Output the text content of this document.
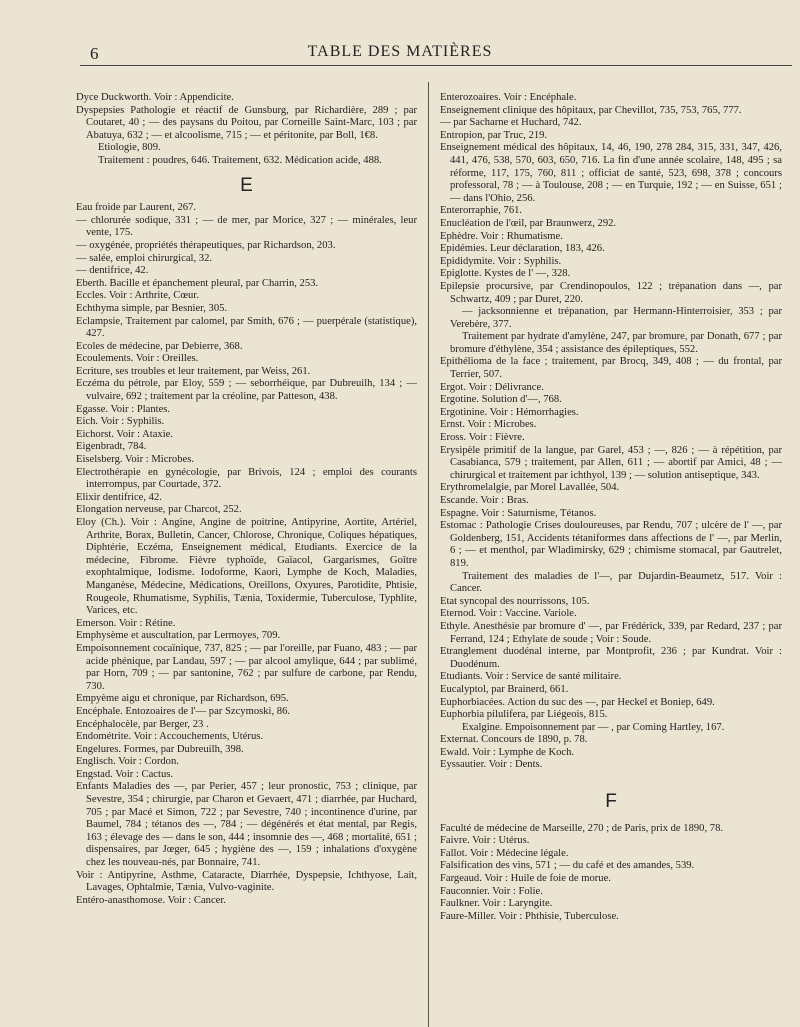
6	TABLE DES MATIÈRES

Dyce Duckworth. Voir : Appendicite.

Dyspepsies Pathologie et réactif de Gunsburg, par Richardière, 289 ; par Coutaret, 40 ; — des paysans du Poitou, par Corneille Saint-Marc, 103 ; par Abatuya, 632 ; — et alcoolisme, 715 ; — et péritonite, par Boll, 1€8.

Etiologie, 809.

Traitement : poudres, 646. Traitement, 632. Médication acide, 488.

E

Eau froide par Laurent, 267.

— chlorurée sodique, 331 ; — de mer, par Morice, 327 ; — minérales, leur vente, 175.

— oxygénée, propriétés thérapeutiques, par Richardson, 203.

— salée, emploi chirurgical, 32.

— dentifrice, 42.

Eberth. Bacille et épanchement pleural, par Charrin, 253.

Eccles. Voir : Arthrite, Cœur.

Echthyma simple, par Besnier, 305.

Eclampsie, Traitement par calomel, par Smith, 676 ; — puerpérale (statistique), 427.

Ecoles de médecine, par Debierre, 368.

Ecoulements. Voir : Oreilles.

Ecriture, ses troubles et leur traitement, par Weiss, 261.

Eczéma du pétrole, par Eloy, 559 ; — seborrhéique, par Dubreuilh, 134 ; — vulvaire, 692 ; traitement par la créoline, par Patteson, 438.

Egasse. Voir : Plantes.

Eich. Voir : Syphilis.

Eichorst. Voir : Ataxie.

Eigenbradt, 784.

Eiselsberg. Voir : Microbes.

Electrothérapie en gynécologie, par Brivois, 124 ; emploi des courants interrompus, par Courtade, 372.

Elixir dentifrice, 42.

Elongation nerveuse, par Charcot, 252.

Eloy (Ch.). Voir : Angine, Angine de poitrine, Antipyrine, Aortite, Artériel, Arthrite, Borax, Bulletin, Cancer, Chlorose, Chronique, Coliques hépatiques, Diphtérie, Eczéma, Enseignement médical, Etudiants. Exercice de la médecine, Fibrome. Fièvre typhoïde, Gaïacol, Gargarismes, Goître exophtalmique, Iodisme. Iodoforme, Kaori, Lymphe de Koch, Maladies, Manganèse, Médecine, Médications, Oreillons, Oxyures, Parotidite, Phtisie, Rougeole, Rhumatisme, Syphilis, Tænia, Toxidermie, Tuberculose, Typhlite, Varices, etc.

Emerson. Voir : Rétine.

Emphysème et auscultation, par Lermoyes, 709.

Empoisonnement cocaïnique, 737, 825 ; — par l'oreille, par Fuano, 483 ; — par acide phénique, par Landau, 597 ; — par alcool amylique, 644 ; par sublimé, par Horn, 709 ; — par santonine, 762 ; par sulfure de carbone, par Rendu, 730.

Empyème aigu et chronique, par Richardson, 695.

Encéphale. Entozoaires de l'— par Szcymoski, 86.

Encéphalocèle, par Berger, 23 .

Endométrite. Voir : Accouchements, Utérus.

Engelures. Formes, par Dubreuilh, 398.

Englisch. Voir : Cordon.

Engstad. Voir : Cactus.

Enfants Maladies des —, par Perier, 457 ; leur pronostic, 753 ; clinique, par Sevestre, 354 ; chirurgie, par Charon et Gevaert, 471 ; diarrhée, par Huchard, 705 ; par Macé et Simon, 722 ; par Sevestre, 740 ; incontinence d'urine, par Baumel, 784 ; tétanos des —, 784 ; — dégénérés et état mental, par Regis, 163 ; élevage des — dans le son, 444 ; insomnie des —, 468 ; mortalité, 651 ; dispensaires, par Jœger, 645 ; hygiène des —, 159 ; inhalations d'oxygène chez les nouveau-nés, par Bonnaire, 741.

Voir : Antipyrine, Asthme, Cataracte, Diarrhée, Dyspepsie, Ichthyose, Lait, Lavages, Ophtalmie, Tænia, Vulvo-vaginite.

Entéro-anasthomose. Voir : Cancer.

Enterozoaires. Voir : Encéphale.

Enseignement clinique des hôpitaux, par Chevillot, 735, 753, 765, 777.

— par Sacharne et Huchard, 742.

Entropion, par Truc, 219.

Enseignement médical des hôpitaux, 14, 46, 190, 278 284, 315, 331, 347, 426, 441, 476, 538, 570, 603, 650, 716. La fin d'une année scolaire, 148, 495 ; sa réforme, 117, 175, 760, 811 ; officiat de santé, 523, 698, 378 ; concours professoral, 78 ; — à Toulouse, 208 ; — en Turquie, 192 ; — en Suisse, 651 ; — dans l'Ohio, 256.

Enterorraphie, 761.

Enucléation de l'œil, par Braunwerz, 292.

Ephèdre. Voir : Rhumatisme.

Epidémies. Leur déclaration, 183, 426.

Epididymite. Voir : Syphilis.

Epiglotte. Kystes de l' —, 328.

Epilepsie procursive, par Crendinopoulos, 122 ; trépanation dans —, par Schwartz, 409 ; par Duret, 220.

— jacksonnienne et trépanation, par Hermann-Hinterroisier, 353 ; par Verebère, 377.

Traitement par hydrate d'amylène, 247, par bromure, par Donath, 677 ; par bromure d'éthylène, 354 ; assistance des épileptiques, 552.

Epithélioma de la face ; traitement, par Brocq, 349, 408 ; — du frontal, par Terrier, 507.

Ergot. Voir : Délivrance.

Ergotine. Solution d'—, 768.

Ergotinine. Voir : Hémorrhagies.

Ernst. Voir : Microbes.

Eross. Voir : Fièvre.

Erysipèle primitif de la langue, par Garel, 453 ; —, 826 ; — à répétition, par Casabianca, 579 ; traitement, par Allen, 611 ; — abortif par Amici, 48 ; — chirurgical et traitement par ichthyol, 139 ; — solution antiseptique, 343.

Erythromelalgie, par Morel Lavallée, 504.

Escande. Voir : Bras.

Espagne. Voir : Saturnisme, Tétanos.

Estomac : Pathologie Crises douloureuses, par Rendu, 707 ; ulcère de l' —, par Goldenberg, 151, Accidents tétaniformes dans affections de l' —, par Merlin, 6 ; — et menthol, par Wladimirsky, 629 ; chimisme stomacal, par Gautrelet, 819.

Traitement des maladies de l'—, par Dujardin-Beaumetz, 517. Voir : Cancer.

Etat syncopal des nourrissons, 105.

Eternod. Voir : Vaccine. Variole.

Ethyle. Anesthésie par bromure d' —, par Frédérick, 339, par Redard, 237 ; par Ferrand, 124 ; Ethylate de soude ; Voir : Soude.

Etranglement duodénal interne, par Montprofit, 236 ; par Kundrat. Voir : Duodénum.

Etudiants. Voir : Service de santé militaire.

Eucalyptol, par Brainerd, 661.

Euphorbiacées. Action du suc des —, par Heckel et Boniep, 649.

Euphorbia pilulifera, par Liégeois, 815.

Exalgine. Empoisonnement par — , par Coming Hartley, 167.

Externat. Concours de 1890, p. 78.

Ewald. Voir : Lymphe de Koch.

Eyssautier. Voir : Dents.

F

Faculté de médecine de Marseille, 270 ; de Paris, prix de 1890, 78.

Faivre. Voir : Utérus.

Fallot. Voir : Médecine légale.

Falsification des vins, 571 ; — du café et des amandes, 539.

Fargeaud. Voir : Huile de foie de morue.

Fauconnier. Voir : Folie.

Faulkner. Voir : Laryngite.

Faure-Miller. Voir : Phthisie, Tuberculose.
